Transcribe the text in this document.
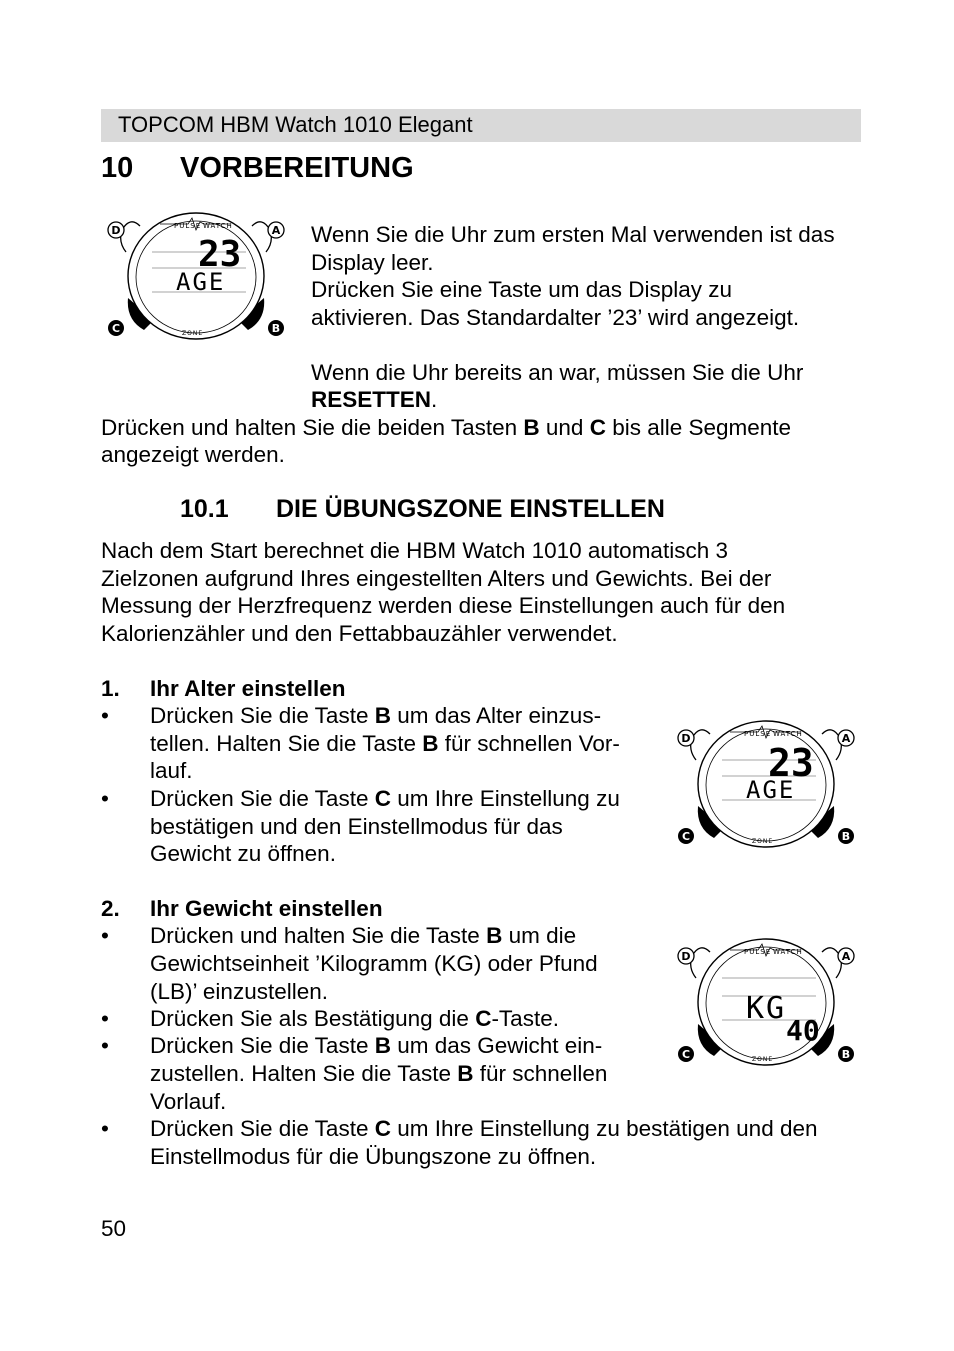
TOPCOM HBM Watch 1010 Elegant
10 VORBEREITUNG
PULSE WATCH
23
AGE
ZONE
D	A
C	B
Wenn Sie die Uhr zum ersten Mal verwenden ist das
Display leer.
Drücken Sie eine Taste um das Display zu
aktivieren. Das Standardalter ’23’ wird angezeigt.
Wenn die Uhr bereits an war, müssen Sie die Uhr
RESETTEN.
Drücken und halten Sie die beiden Tasten B und C bis alle Segmente
angezeigt werden.
10.1 DIE ÜBUNGSZONE EINSTELLEN
Nach dem Start berechnet die HBM Watch 1010 automatisch 3
Zielzonen aufgrund Ihres eingestellten Alters und Gewichts. Bei der
Messung der Herzfrequenz werden diese Einstellungen auch für den
Kalorienzähler und den Fettabbauzähler verwendet.
1. Ihr Alter einstellen
• Drücken Sie die Taste B um das Alter einzus-
tellen. Halten Sie die Taste B für schnellen Vor-
lauf.
• Drücken Sie die Taste C um Ihre Einstellung zu
bestätigen und den Einstellmodus für das
Gewicht zu öffnen.
PULSE WATCH
23
AGE
ZONE
D	A
C	B
2. Ihr Gewicht einstellen
• Drücken und halten Sie die Taste B um die
Gewichtseinheit ’Kilogramm (KG) oder Pfund
(LB)’ einzustellen.
• Drücken Sie als Bestätigung die C-Taste.
• Drücken Sie die Taste B um das Gewicht ein-
zustellen. Halten Sie die Taste B für schnellen
Vorlauf.
• Drücken Sie die Taste C um Ihre Einstellung zu bestätigen und den
Einstellmodus für die Übungszone zu öffnen.
PULSE WATCH
KG
40
ZONE
D	A
C	B
50
